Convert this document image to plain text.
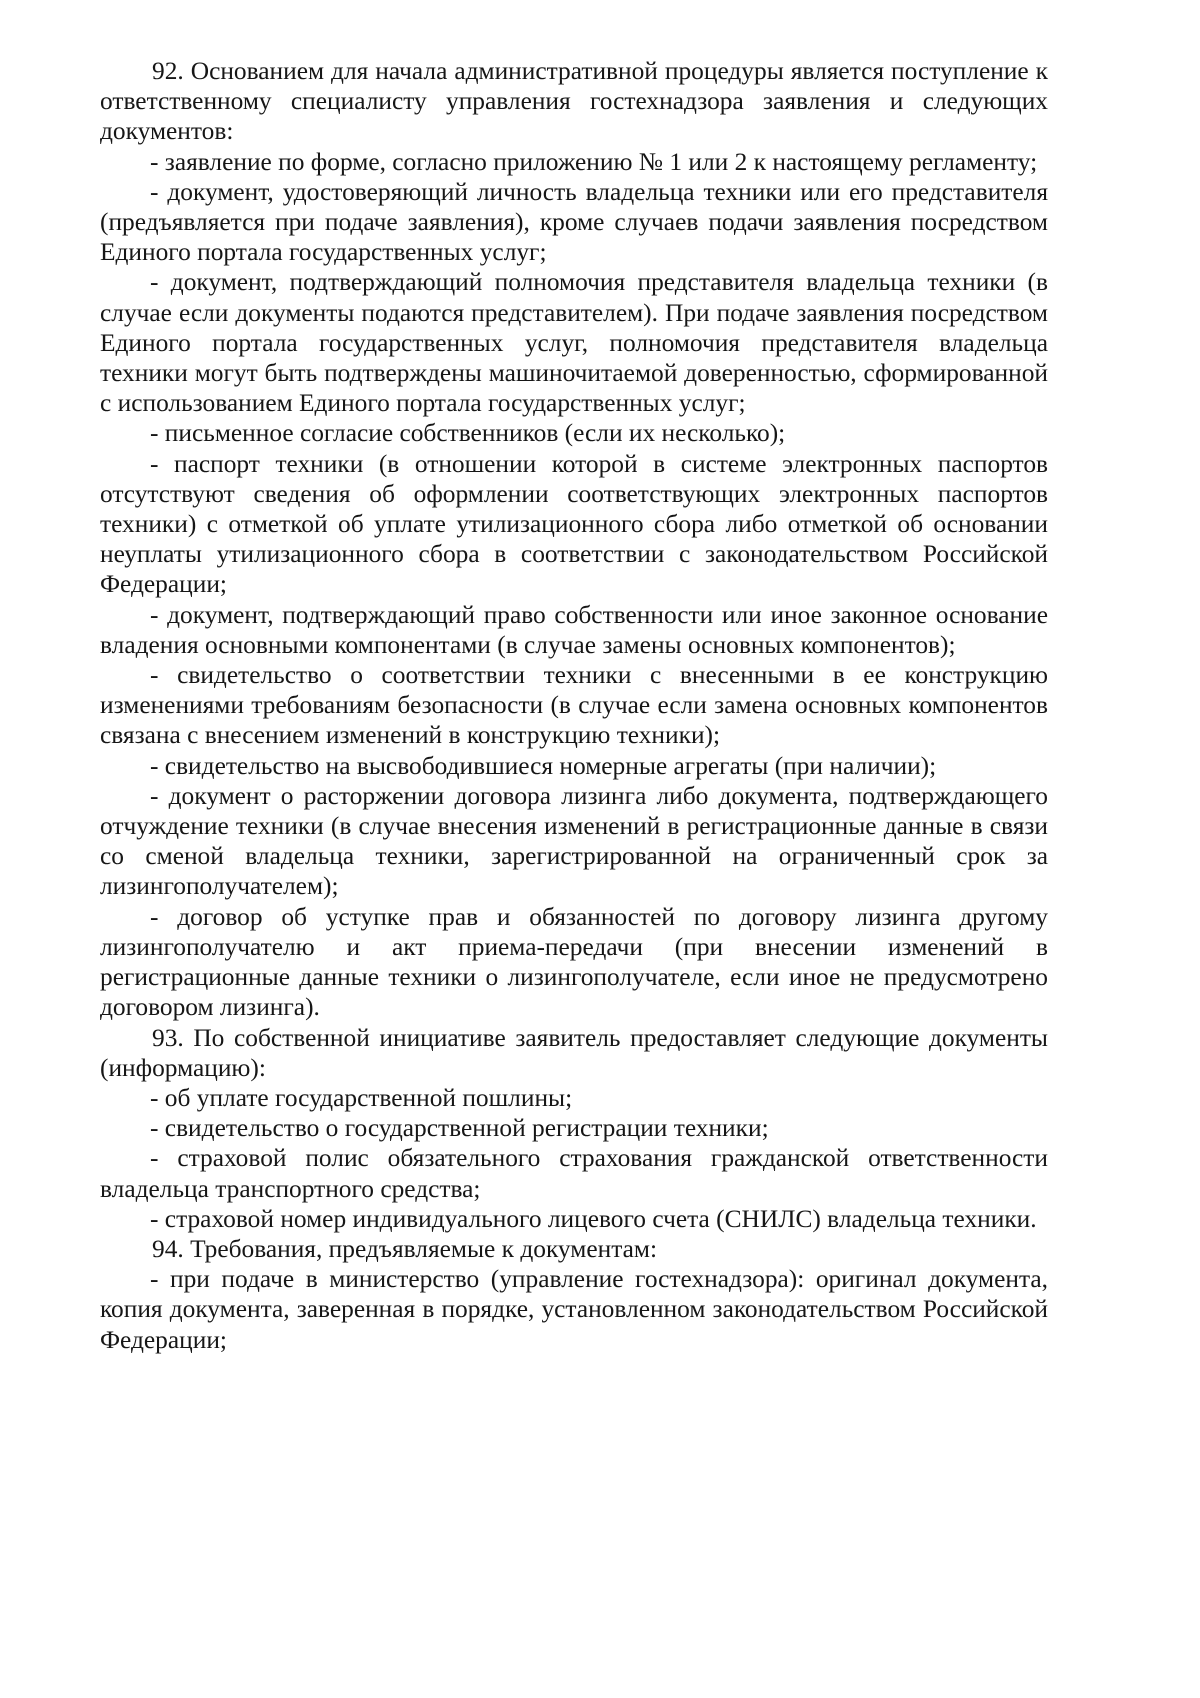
92. Основанием для начала административной процедуры является поступление к ответственному специалисту управления гостехнадзора заявления и следующих документов:

- заявление по форме, согласно приложению № 1 или 2 к настоящему регламенту;

- документ, удостоверяющий личность владельца техники или его представителя (предъявляется при подаче заявления), кроме случаев подачи заявления посредством Единого портала государственных услуг;

- документ, подтверждающий полномочия представителя владельца техники (в случае если документы подаются представителем). При подаче заявления посредством Единого портала государственных услуг, полномочия представителя владельца техники могут быть подтверждены машиночитаемой доверенностью, сформированной с использованием Единого портала государственных услуг;

- письменное согласие собственников (если их несколько);

- паспорт техники (в отношении которой в системе электронных паспортов отсутствуют сведения об оформлении соответствующих электронных паспортов техники) с отметкой об уплате утилизационного сбора либо отметкой об основании неуплаты утилизационного сбора в соответствии с законодательством Российской Федерации;

- документ, подтверждающий право собственности или иное законное основание владения основными компонентами (в случае замены основных компонентов);

- свидетельство о соответствии техники с внесенными в ее конструкцию изменениями требованиям безопасности (в случае если замена основных компонентов связана с внесением изменений в конструкцию техники);

- свидетельство на высвободившиеся номерные агрегаты (при наличии);

- документ о расторжении договора лизинга либо документа, подтверждающего отчуждение техники (в случае внесения изменений в регистрационные данные в связи со сменой владельца техники, зарегистрированной на ограниченный срок за лизингополучателем);

- договор об уступке прав и обязанностей по договору лизинга другому лизингополучателю и акт приема-передачи (при внесении изменений в регистрационные данные техники о лизингополучателе, если иное не предусмотрено договором лизинга).

93. По собственной инициативе заявитель предоставляет следующие документы (информацию):

- об уплате государственной пошлины;

- свидетельство о государственной регистрации техники;

- страховой полис обязательного страхования гражданской ответственности владельца транспортного средства;

- страховой номер индивидуального лицевого счета (СНИЛС) владельца техники.

94. Требования, предъявляемые к документам:

- при подаче в министерство (управление гостехнадзора): оригинал документа, копия документа, заверенная в порядке, установленном законодательством Российской Федерации;
